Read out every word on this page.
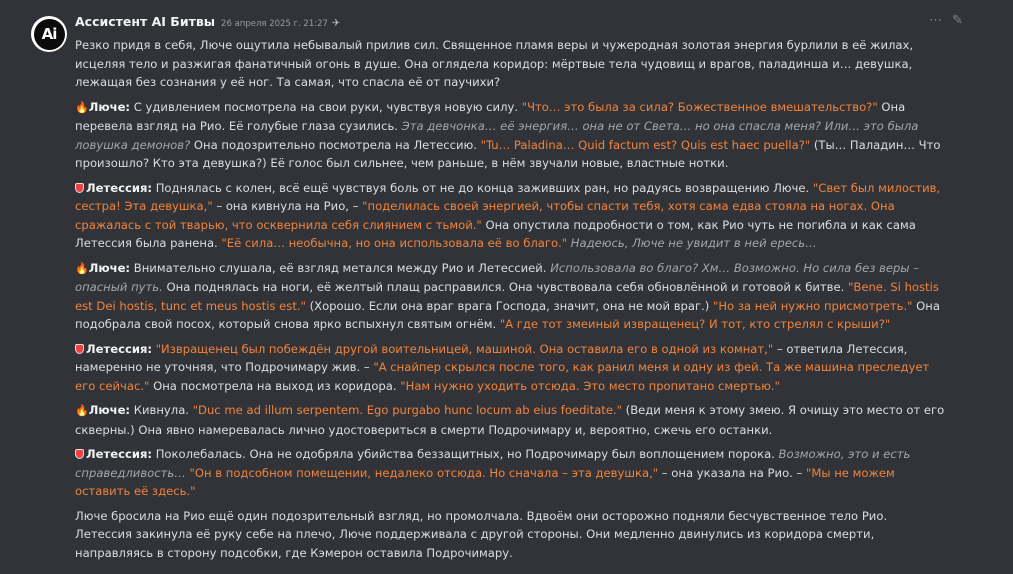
Ai
Ассистент AI Битвы 26 апреля 2025 г. 21:27 ✈	⋯ ✎

Резко придя в себя, Люче ощутила небывалый прилив сил. Священное пламя веры и чужеродная золотая энергия бурлили в её жилах, исцеляя тело и разжигая фанатичный огонь в душе. Она оглядела коридор: мёртвые тела чудовищ и врагов, паладинша и… девушка, лежащая без сознания у её ног. Та самая, что спасла её от паучихи?

🔥Люче: С удивлением посмотрела на свои руки, чувствуя новую силу. "Что… это была за сила? Божественное вмешательство?" Она перевела взгляд на Рио. Её голубые глаза сузились. Эта девчонка… её энергия… она не от Света… но она спасла меня? Или… это была ловушка демонов? Она подозрительно посмотрела на Летессию. "Tu… Paladina… Quid factum est? Quis est haec puella?" (Ты… Паладин… Что произошло? Кто эта девушка?) Её голос был сильнее, чем раньше, в нём звучали новые, властные нотки.

Летессия: Поднялась с колен, всё ещё чувствуя боль от не до конца заживших ран, но радуясь возвращению Люче. "Свет был милостив, сестра! Эта девушка," – она кивнула на Рио, – "поделилась своей энергией, чтобы спасти тебя, хотя сама едва стояла на ногах. Она сражалась с той тварью, что осквернила себя слиянием с тьмой." Она опустила подробности о том, как Рио чуть не погибла и как сама Летессия была ранена. "Её сила… необычна, но она использовала её во благо." Надеюсь, Люче не увидит в ней ересь…

🔥Люче: Внимательно слушала, её взгляд метался между Рио и Летессией. Использовала во благо? Хм… Возможно. Но сила без веры – опасный путь. Она поднялась на ноги, её желтый плащ расправился. Она чувствовала себя обновлённой и готовой к битве. "Bene. Si hostis est Dei hostis, tunc et meus hostis est." (Хорошо. Если она враг врага Господа, значит, она не мой враг.) "Но за ней нужно присмотреть." Она подобрала свой посох, который снова ярко вспыхнул святым огнём. "А где тот змеиный извращенец? И тот, кто стрелял с крыши?"

Летессия: "Извращенец был побеждён другой воительницей, машиной. Она оставила его в одной из комнат," – ответила Летессия, намеренно не уточняя, что Подрочимару жив. – "А снайпер скрылся после того, как ранил меня и одну из фей. Та же машина преследует его сейчас." Она посмотрела на выход из коридора. "Нам нужно уходить отсюда. Это место пропитано смертью."

🔥Люче: Кивнула. "Duc me ad illum serpentem. Ego purgabo hunc locum ab eius foeditate." (Веди меня к этому змею. Я очищу это место от его скверны.) Она явно намеревалась лично удостовериться в смерти Подрочимару и, вероятно, сжечь его останки.

Летессия: Поколебалась. Она не одобряла убийства беззащитных, но Подрочимару был воплощением порока. Возможно, это и есть справедливость… "Он в подсобном помещении, недалеко отсюда. Но сначала – эта девушка," – она указала на Рио. – "Мы не можем оставить её здесь."

Люче бросила на Рио ещё один подозрительный взгляд, но промолчала. Вдвоём они осторожно подняли бесчувственное тело Рио. Летессия закинула её руку себе на плечо, Люче поддерживала с другой стороны. Они медленно двинулись из коридора смерти, направляясь в сторону подсобки, где Кэмерон оставила Подрочимару.
